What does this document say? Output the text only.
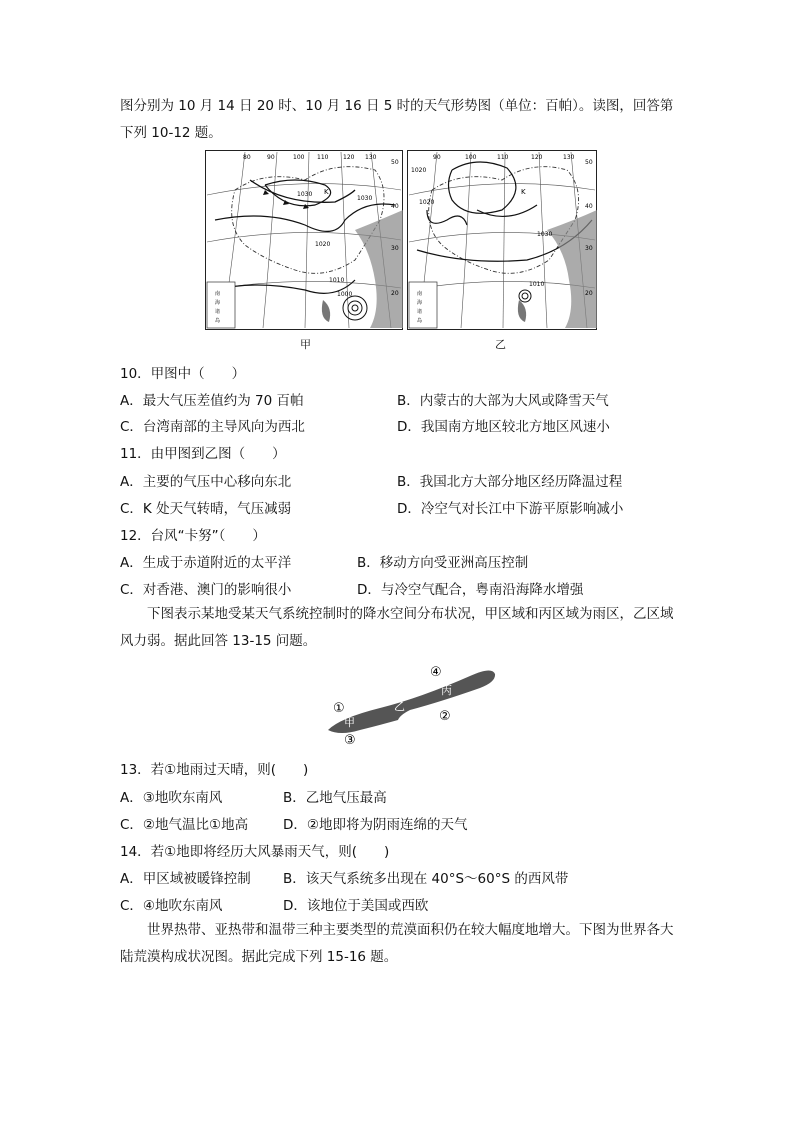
图分别为 10 月 14 日 20 时、10 月 16 日 5 时的天气形势图（单位：百帕）。读图，回答第
下列 10-12 题。
80	90	100 110 120 130
50
40
30
20
1030
1020
1010
1000
1030
K
南
海
诸
岛
甲
90	100	110	120	130
50
40
30
20
1020
1020
1030
1010
K
南
海
诸
岛
乙
10．甲图中（　　）
A．最大气压差值约为 70 百帕	B．内蒙古的大部为大风或降雪天气
C．台湾南部的主导风向为西北	D．我国南方地区较北方地区风速小
11．由甲图到乙图（　　）
A．主要的气压中心移向东北	B．我国北方大部分地区经历降温过程
C．K 处天气转晴，气压减弱	D．冷空气对长江中下游平原影响减小
12．台风“卡努”（　　）
A．生成于赤道附近的太平洋	B．移动方向受亚洲高压控制
C．对香港、澳门的影响很小	D．与冷空气配合，粤南沿海降水增强
下图表示某地受某天气系统控制时的降水空间分布状况，甲区域和丙区域为雨区，乙区域风力弱。据此回答 13-15 问题。
①
甲
③
乙
②
④
丙
13．若①地雨过天晴，则(　　)
A．③地吹东南风	B．乙地气压最高
C．②地气温比①地高	D．②地即将为阴雨连绵的天气
14．若①地即将经历大风暴雨天气，则(　　)
A．甲区域被暖锋控制 B．该天气系统多出现在 40°S～60°S 的西风带
C．④地吹东南风	D．该地位于美国或西欧
世界热带、亚热带和温带三种主要类型的荒漠面积仍在较大幅度地增大。下图为世界各大陆荒漠构成状况图。据此完成下列 15-16 题。
